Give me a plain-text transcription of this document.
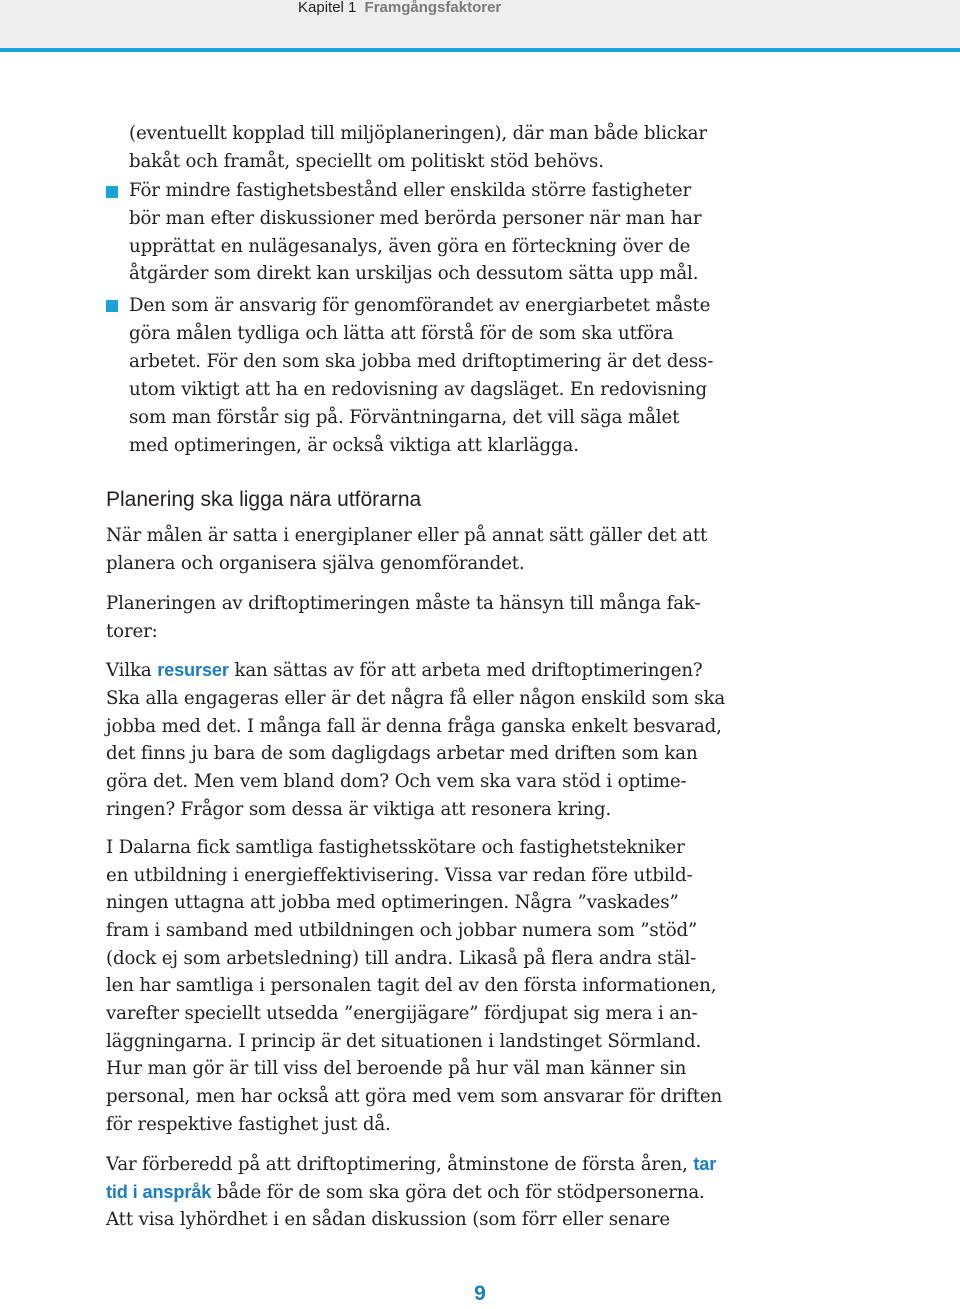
Kapitel 1 Framgångsfaktorer
(eventuellt kopplad till miljöplaneringen), där man både blickar
bakåt och framåt, speciellt om politiskt stöd behövs.
För mindre fastighetsbestånd eller enskilda större fastigheter
bör man efter diskussioner med berörda personer när man har
upprättat en nulägesanalys, även göra en förteckning över de
åtgärder som direkt kan urskiljas och dessutom sätta upp mål.
Den som är ansvarig för genomförandet av energiarbetet måste
göra målen tydliga och lätta att förstå för de som ska utföra
arbetet. För den som ska jobba med driftoptimering är det dess-
utom viktigt att ha en redovisning av dagsläget. En redovisning
som man förstår sig på. Förväntningarna, det vill säga målet
med optimeringen, är också viktiga att klarlägga.
Planering ska ligga nära utförarna
När målen är satta i energiplaner eller på annat sätt gäller det att
planera och organisera själva genomförandet.
Planeringen av driftoptimeringen måste ta hänsyn till många fak-
torer:
Vilka resurser kan sättas av för att arbeta med driftoptimeringen?
Ska alla engageras eller är det några få eller någon enskild som ska
jobba med det. I många fall är denna fråga ganska enkelt besvarad,
det finns ju bara de som dagligdags arbetar med driften som kan
göra det. Men vem bland dom? Och vem ska vara stöd i optime-
ringen? Frågor som dessa är viktiga att resonera kring.
I Dalarna fick samtliga fastighetsskötare och fastighetstekniker
en utbildning i energieffektivisering. Vissa var redan före utbild-
ningen uttagna att jobba med optimeringen. Några ”vaskades”
fram i samband med utbildningen och jobbar numera som ”stöd”
(dock ej som arbetsledning) till andra. Likaså på flera andra stäl-
len har samtliga i personalen tagit del av den första informationen,
varefter speciellt utsedda ”energijägare” fördjupat sig mera i an-
läggningarna. I princip är det situationen i landstinget Sörmland.
Hur man gör är till viss del beroende på hur väl man känner sin
personal, men har också att göra med vem som ansvarar för driften
för respektive fastighet just då.
Var förberedd på att driftoptimering, åtminstone de första åren, tar
tid i anspråk både för de som ska göra det och för stödpersonerna.
Att visa lyhördhet i en sådan diskussion (som förr eller senare
9
